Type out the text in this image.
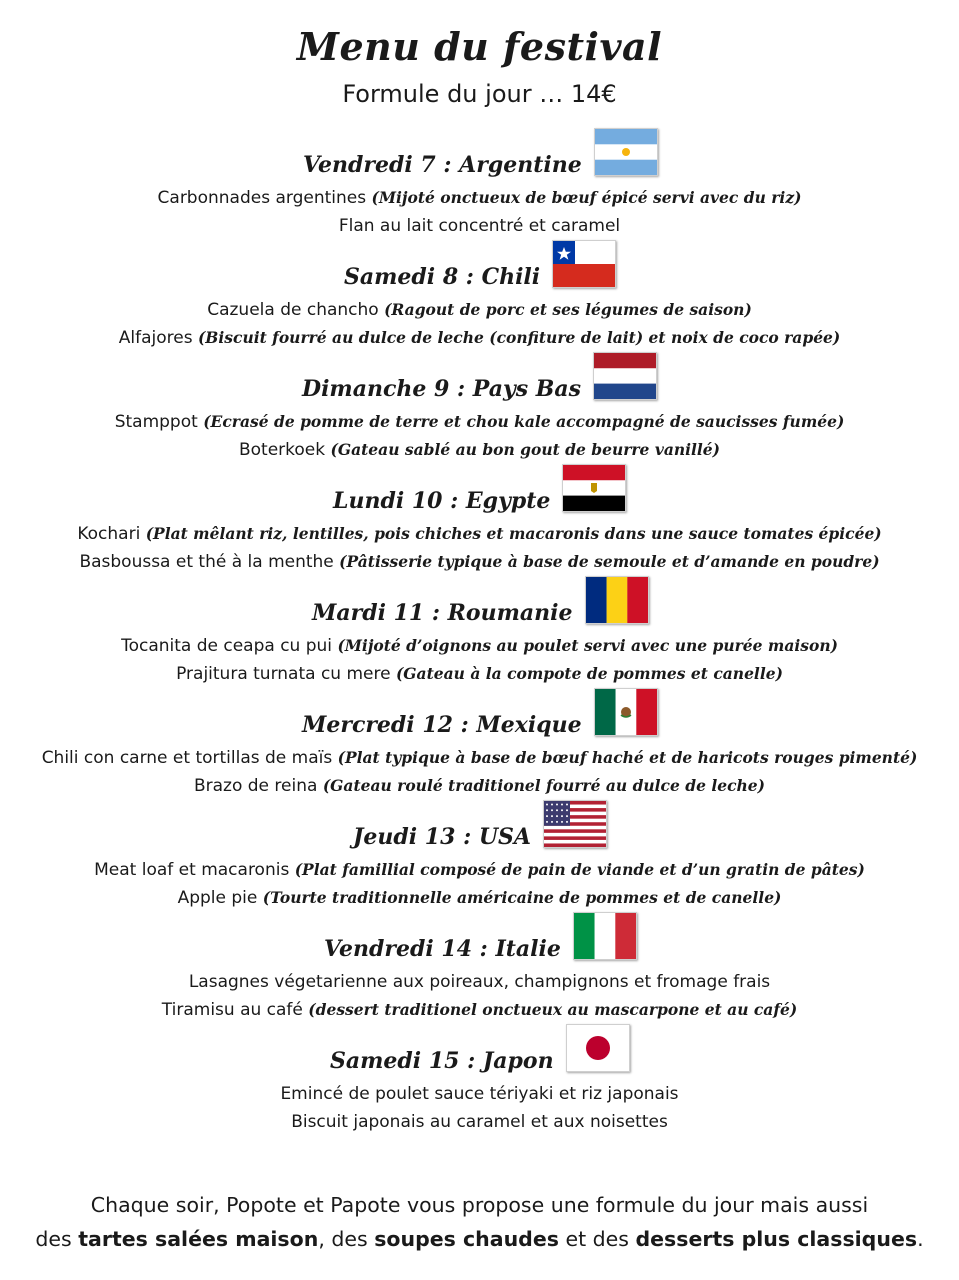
Menu du festival
Formule du jour … 14€
Vendredi 7 : Argentine
Carbonnades argentines (Mijoté onctueux de bœuf épicé servi avec du riz)
Flan au lait concentré et caramel
Samedi 8 : Chili
Cazuela de chancho (Ragout de porc et ses légumes de saison)
Alfajores (Biscuit fourré au dulce de leche (confiture de lait) et noix de coco rapée)
Dimanche 9 : Pays Bas
Stamppot (Ecrasé de pomme de terre et chou kale accompagné de saucisses fumée)
Boterkoek (Gateau sablé au bon gout de beurre vanillé)
Lundi 10 : Egypte
Kochari (Plat mêlant riz, lentilles, pois chiches et macaronis dans une sauce tomates épicée)
Basboussa et thé à la menthe (Pâtisserie typique à base de semoule et d’amande en poudre)
Mardi 11 : Roumanie
Tocanita de ceapa cu pui (Mijoté d’oignons au poulet servi avec une purée maison)
Prajitura turnata cu mere (Gateau à la compote de pommes et canelle)
Mercredi 12 : Mexique
Chili con carne et tortillas de maïs (Plat typique à base de bœuf haché et de haricots rouges pimenté)
Brazo de reina (Gateau roulé traditionel fourré au dulce de leche)
Jeudi 13 : USA
Meat loaf et macaronis (Plat famillial composé de pain de viande et d’un gratin de pâtes)
Apple pie (Tourte traditionnelle américaine de pommes et de canelle)
Vendredi 14 : Italie
Lasagnes végetarienne aux poireaux, champignons et fromage frais
Tiramisu au café (dessert traditionel onctueux au mascarpone et au café)
Samedi 15 : Japon
Emincé de poulet sauce tériyaki et riz japonais
Biscuit japonais au caramel et aux noisettes
Chaque soir, Popote et Papote vous propose une formule du jour mais aussi
des tartes salées maison, des soupes chaudes et des desserts plus classiques.
